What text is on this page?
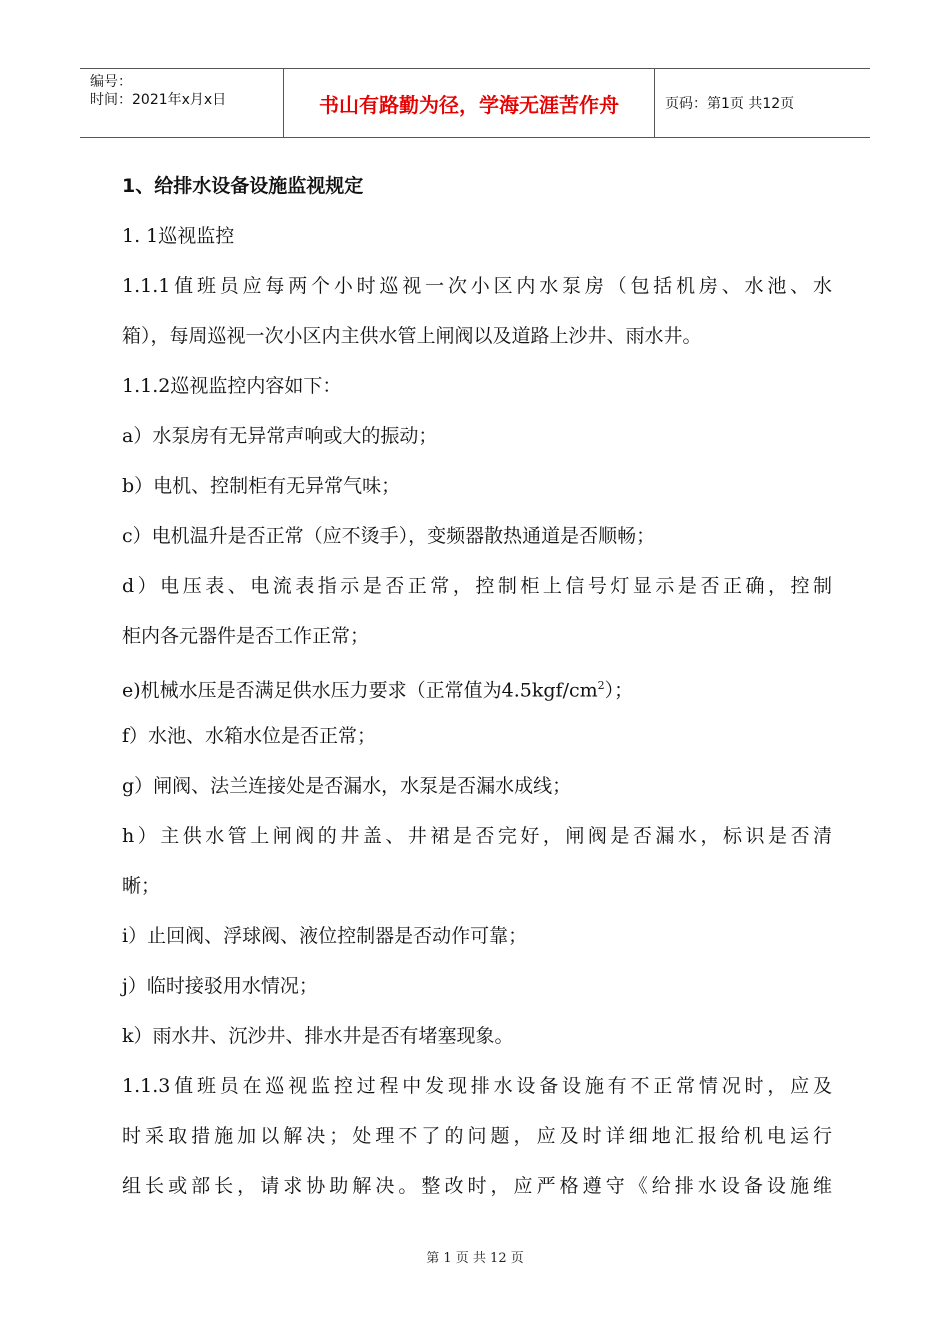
编号：
时间：2021年x月x日	书山有路勤为径，学海无涯苦作舟	页码：第1页 共12页
1、给排水设备设施监视规定
1. 1巡视监控
1.1.1值班员应每两个小时巡视一次小区内水泵房（包括机房、水池、水
箱），每周巡视一次小区内主供水管上闸阀以及道路上沙井、雨水井。
1.1.2巡视监控内容如下：
a）水泵房有无异常声响或大的振动；
b）电机、控制柜有无异常气味；
c）电机温升是否正常（应不烫手），变频器散热通道是否顺畅；
d）电压表、电流表指示是否正常，控制柜上信号灯显示是否正确，控制
柜内各元器件是否工作正常；
e)机械水压是否满足供水压力要求（正常值为$4.5kgf/cm^2$）；
f）水池、水箱水位是否正常；
g）闸阀、法兰连接处是否漏水，水泵是否漏水成线；
h）主供水管上闸阀的井盖、井裙是否完好，闸阀是否漏水，标识是否清
晰；
i）止回阀、浮球阀、液位控制器是否动作可靠；
j）临时接驳用水情况；
k）雨水井、沉沙井、排水井是否有堵塞现象。
1.1.3值班员在巡视监控过程中发现排水设备设施有不正常情况时，应及
时采取措施加以解决；处理不了的问题，应及时详细地汇报给机电运行
组长或部长，请求协助解决。整改时，应严格遵守《给排水设备设施维
第 1 页 共 12 页
